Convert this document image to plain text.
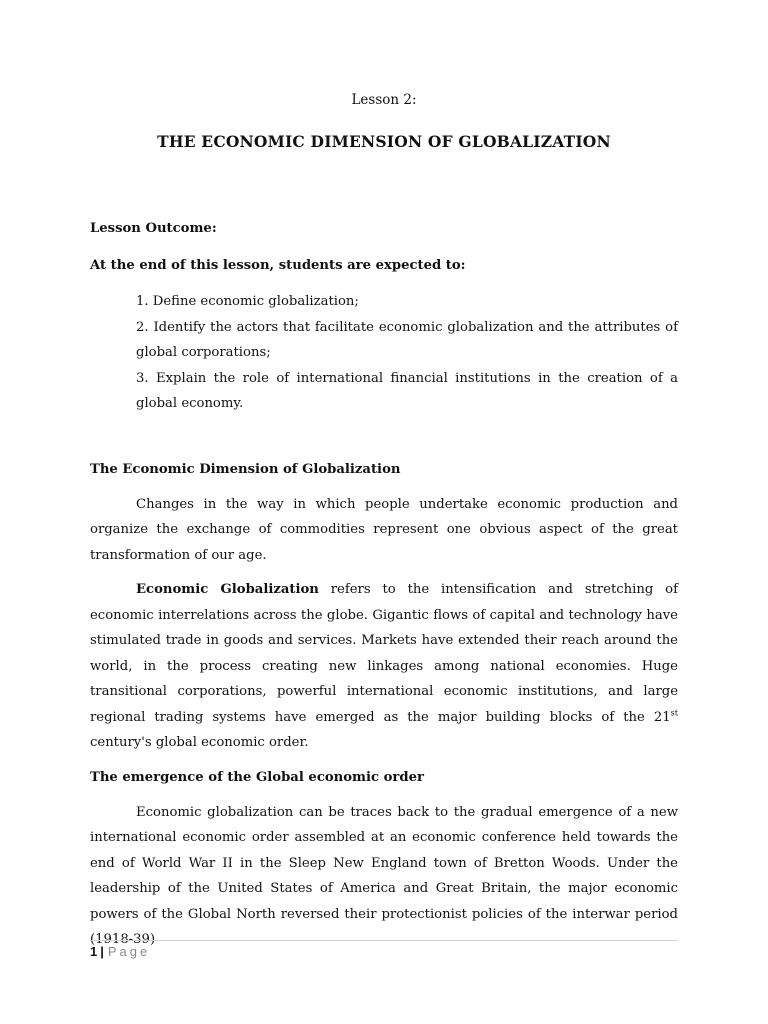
Lesson 2:
THE ECONOMIC DIMENSION OF GLOBALIZATION

Lesson Outcome:

At the end of this lesson, students are expected to:

1. Define economic globalization;
2. Identify the actors that facilitate economic globalization and the attributes of global corporations;
3. Explain the role of international financial institutions in the creation of a global economy.

The Economic Dimension of Globalization

Changes in the way in which people undertake economic production and organize the exchange of commodities represent one obvious aspect of the great transformation of our age.

Economic Globalization refers to the intensification and stretching of economic interrelations across the globe. Gigantic flows of capital and technology have stimulated trade in goods and services. Markets have extended their reach around the world, in the process creating new linkages among national economies. Huge transitional corporations, powerful international economic institutions, and large regional trading systems have emerged as the major building blocks of the 21st century's global economic order.

The emergence of the Global economic order

Economic globalization can be traces back to the gradual emergence of a new international economic order assembled at an economic conference held towards the end of World War II in the Sleep New England town of Bretton Woods. Under the leadership of the United States of America and Great Britain, the major economic powers of the Global North reversed their protectionist policies of the interwar period (1918-39)

1 | Page
